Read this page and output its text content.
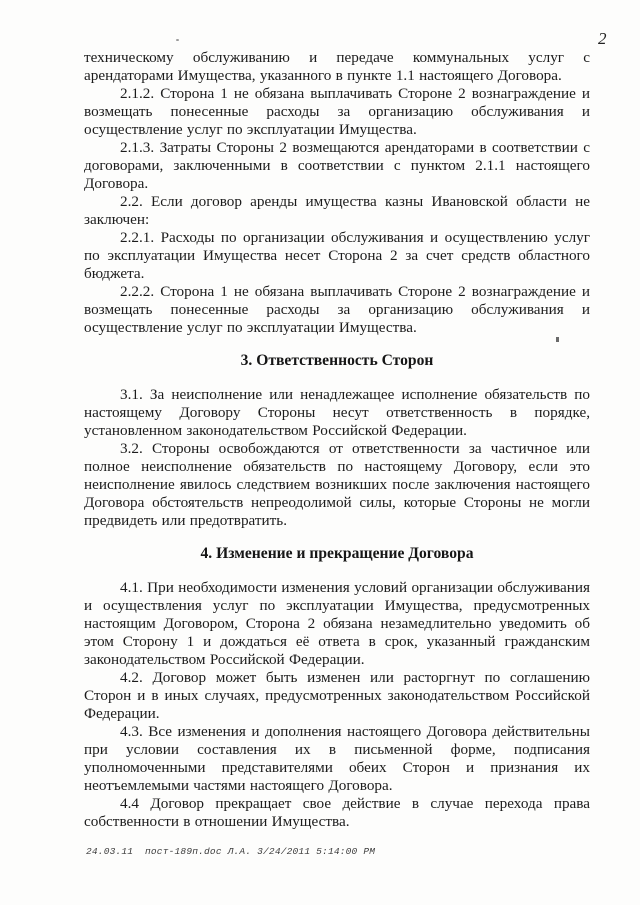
2

техническому обслуживанию и передаче коммунальных услуг с арендаторами Имущества, указанного в пункте 1.1 настоящего Договора.

2.1.2. Сторона 1 не обязана выплачивать Стороне 2 вознаграждение и возмещать понесенные расходы за организацию обслуживания и осуществление услуг по эксплуатации Имущества.

2.1.3. Затраты Стороны 2 возмещаются арендаторами в соответствии с договорами, заключенными в соответствии с пунктом 2.1.1 настоящего Договора.

2.2. Если договор аренды имущества казны Ивановской области не заключен:

2.2.1. Расходы по организации обслуживания и осуществлению услуг по эксплуатации Имущества несет Сторона 2 за счет средств областного бюджета.

2.2.2. Сторона 1 не обязана выплачивать Стороне 2 вознаграждение и возмещать понесенные расходы за организацию обслуживания и осуществление услуг по эксплуатации Имущества.

3. Ответственность Сторон

3.1. За неисполнение или ненадлежащее исполнение обязательств по настоящему Договору Стороны несут ответственность в порядке, установленном законодательством Российской Федерации.

3.2. Стороны освобождаются от ответственности за частичное или полное неисполнение обязательств по настоящему Договору, если это неисполнение явилось следствием возникших после заключения настоящего Договора обстоятельств непреодолимой силы, которые Стороны не могли предвидеть или предотвратить.

4. Изменение и прекращение Договора

4.1. При необходимости изменения условий организации обслуживания и осуществления услуг по эксплуатации Имущества, предусмотренных настоящим Договором, Сторона 2 обязана незамедлительно уведомить об этом Сторону 1 и дождаться её ответа в срок, указанный гражданским законодательством Российской Федерации.

4.2. Договор может быть изменен или расторгнут по соглашению Сторон и в иных случаях, предусмотренных законодательством Российской Федерации.

4.3. Все изменения и дополнения настоящего Договора действительны при условии составления их в письменной форме, подписания уполномоченными представителями обеих Сторон и признания их неотъемлемыми частями настоящего Договора.

4.4 Договор прекращает свое действие в случае перехода права собственности в отношении Имущества.

24.03.11  пост-189п.doc Л.А. 3/24/2011 5:14:00 PM
